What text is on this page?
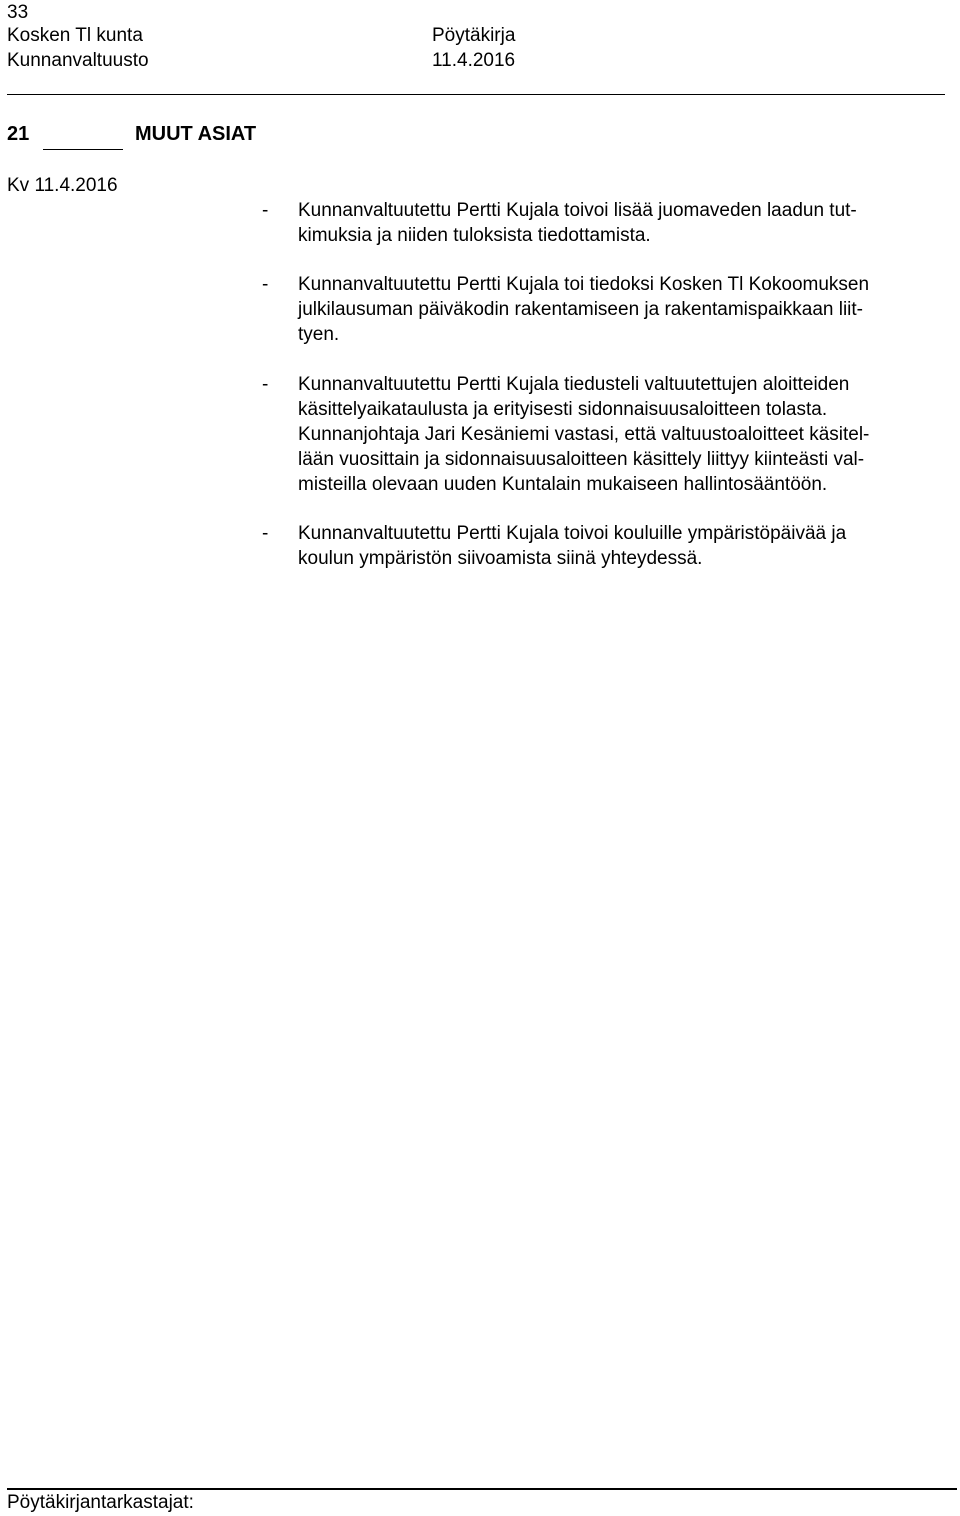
33
Kosken Tl kunta	Pöytäkirja
Kunnanvaltuusto	11.4.2016
21	MUUT ASIAT
Kv 11.4.2016
-	Kunnanvaltuutettu Pertti Kujala toivoi lisää juomaveden laadun tut-
kimuksia ja niiden tuloksista tiedottamista.
-	Kunnanvaltuutettu Pertti Kujala toi tiedoksi Kosken Tl Kokoomuksen
julkilausuman päiväkodin rakentamiseen ja rakentamispaikkaan liit-
tyen.
-	Kunnanvaltuutettu Pertti Kujala tiedusteli valtuutettujen aloitteiden
käsittelyaikataulusta ja erityisesti sidonnaisuusaloitteen tolasta.
Kunnanjohtaja Jari Kesäniemi vastasi, että valtuustoaloitteet käsitel-
lään vuosittain ja sidonnaisuusaloitteen käsittely liittyy kiinteästi val-
misteilla olevaan uuden Kuntalain mukaiseen hallintosääntöön.
-	Kunnanvaltuutettu Pertti Kujala toivoi kouluille ympäristöpäivää ja
koulun ympäristön siivoamista siinä yhteydessä.
Pöytäkirjantarkastajat:
